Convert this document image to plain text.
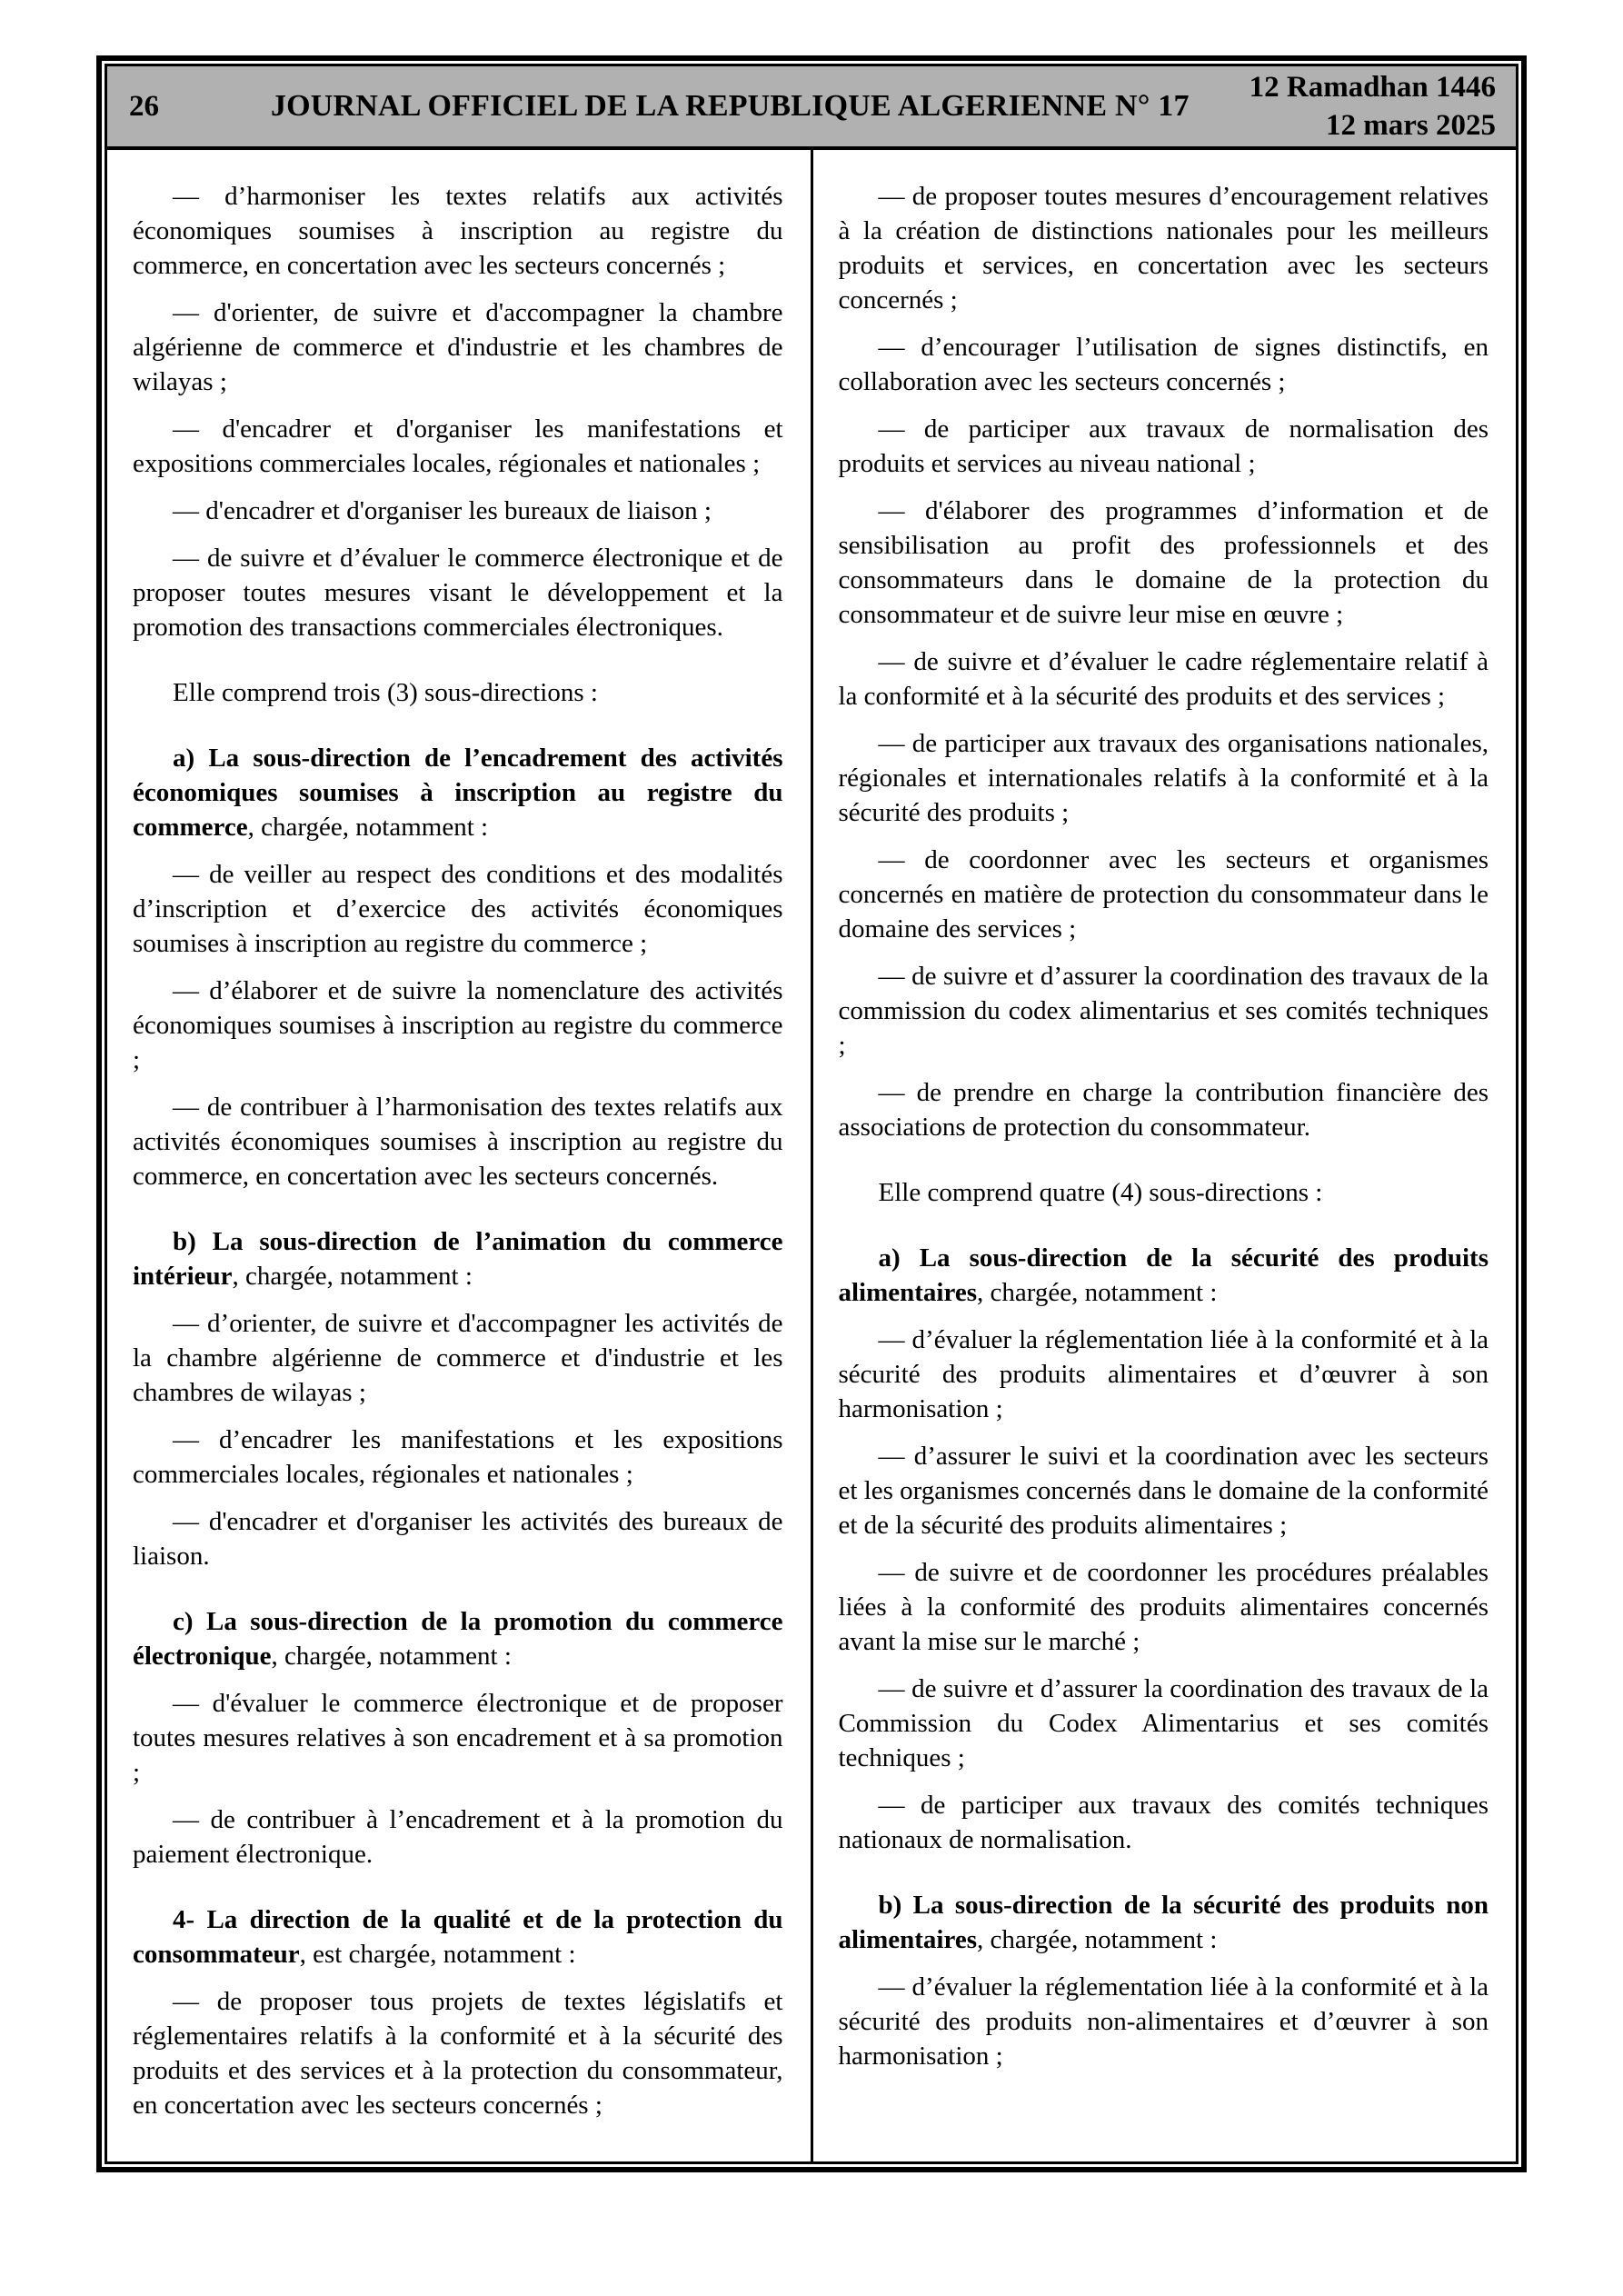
26	JOURNAL OFFICIEL DE LA REPUBLIQUE ALGERIENNE N° 17
12 Ramadhan 1446
12 mars 2025

— d’harmoniser les textes relatifs aux activités économiques soumises à inscription au registre du commerce, en concertation avec les secteurs concernés ;

— d'orienter, de suivre et d'accompagner la chambre algérienne de commerce et d'industrie et les chambres de wilayas ;

— d'encadrer et d'organiser les manifestations et expositions commerciales locales, régionales et nationales ;

— d'encadrer et d'organiser les bureaux de liaison ;

— de suivre et d’évaluer le commerce électronique et de proposer toutes mesures visant le développement et la promotion des transactions commerciales électroniques.

Elle comprend trois (3) sous-directions :

a) La sous-direction de l’encadrement des activités économiques soumises à inscription au registre du commerce, chargée, notamment :

— de veiller au respect des conditions et des modalités d’inscription et d’exercice des activités économiques soumises à inscription au registre du commerce ;

— d’élaborer et de suivre la nomenclature des activités économiques soumises à inscription au registre du commerce ;

— de contribuer à l’harmonisation des textes relatifs aux activités économiques soumises à inscription au registre du commerce, en concertation avec les secteurs concernés.

b) La sous-direction de l’animation du commerce intérieur, chargée, notamment :

— d’orienter, de suivre et d'accompagner les activités de la chambre algérienne de commerce et d'industrie et les chambres de wilayas ;

— d’encadrer les manifestations et les expositions commerciales locales, régionales et nationales ;

— d'encadrer et d'organiser les activités des bureaux de liaison.

c) La sous-direction de la promotion du commerce électronique, chargée, notamment :

— d'évaluer le commerce électronique et de proposer toutes mesures relatives à son encadrement et à sa promotion ;

— de contribuer à l’encadrement et à la promotion du paiement électronique.

4- La direction de la qualité et de la protection du consommateur, est chargée, notamment :

— de proposer tous projets de textes législatifs et réglementaires relatifs à la conformité et à la sécurité des produits et des services et à la protection du consommateur, en concertation avec les secteurs concernés ;

— de proposer toutes mesures d’encouragement relatives à la création de distinctions nationales pour les meilleurs produits et services, en concertation avec les secteurs concernés ;

— d’encourager l’utilisation de signes distinctifs, en collaboration avec les secteurs concernés ;

— de participer aux travaux de normalisation des produits et services au niveau national ;

— d'élaborer des programmes d’information et de sensibilisation au profit des professionnels et des consommateurs dans le domaine de la protection du consommateur et de suivre leur mise en œuvre ;

— de suivre et d’évaluer le cadre réglementaire relatif à la conformité et à la sécurité des produits et des services ;

— de participer aux travaux des organisations nationales, régionales et internationales relatifs à la conformité et à la sécurité des produits ;

— de coordonner avec les secteurs et organismes concernés en matière de protection du consommateur dans le domaine des services ;

— de suivre et d’assurer la coordination des travaux de la commission du codex alimentarius et ses comités techniques ;

— de prendre en charge la contribution financière des associations de protection du consommateur.

Elle comprend quatre (4) sous-directions :

a) La sous-direction de la sécurité des produits alimentaires, chargée, notamment :

— d’évaluer la réglementation liée à la conformité et à la sécurité des produits alimentaires et d’œuvrer à son harmonisation ;

— d’assurer le suivi et la coordination avec les secteurs et les organismes concernés dans le domaine de la conformité et de la sécurité des produits alimentaires ;

— de suivre et de coordonner les procédures préalables liées à la conformité des produits alimentaires concernés avant la mise sur le marché ;

— de suivre et d’assurer la coordination des travaux de la Commission du Codex Alimentarius et ses comités techniques ;

— de participer aux travaux des comités techniques nationaux de normalisation.

b) La sous-direction de la sécurité des produits non alimentaires, chargée, notamment :

— d’évaluer la réglementation liée à la conformité et à la sécurité des produits non-alimentaires et d’œuvrer à son harmonisation ;
